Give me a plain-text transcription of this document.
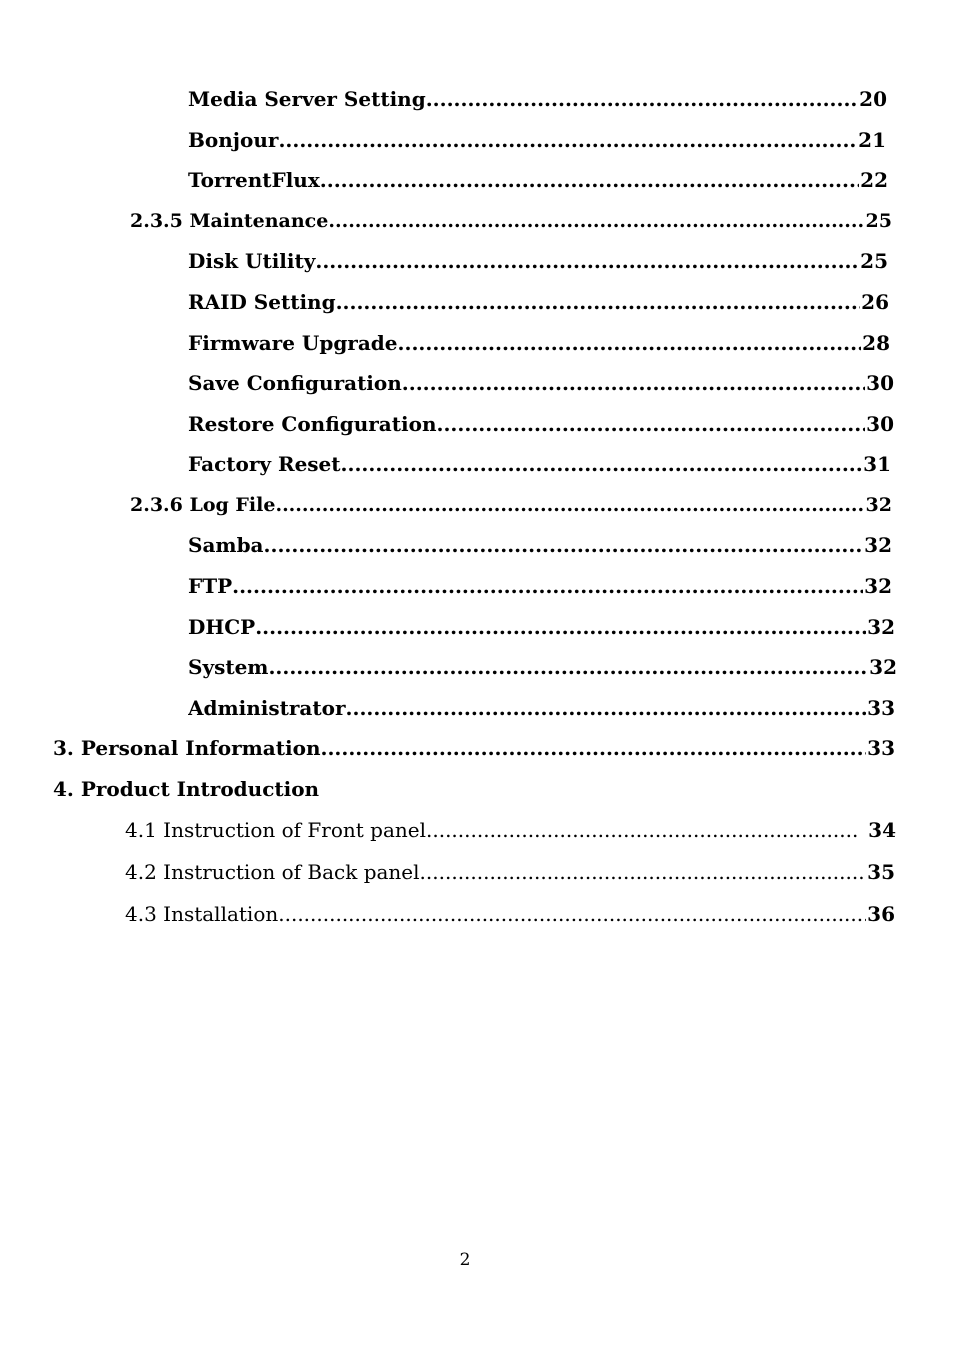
Media Server Setting .....	20
Bonjour .....	21
TorrentFlux .....	22
2.3.5 Maintenance .....	25
Disk Utility .....	25
RAID Setting .....	26
Firmware Upgrade .....	28
Save Configuration .....	30
Restore Configuration .....	30
Factory Reset .....	31
2.3.6 Log File .....	32
Samba .....	32
FTP .....	32
DHCP .....	32
System .....	32
Administrator .....	33
3. Personal Information .....	33
4. Product Introduction
4.1 Instruction of Front panel .....	34
4.2 Instruction of Back panel .....	35
4.3 Installation .....	36
2
